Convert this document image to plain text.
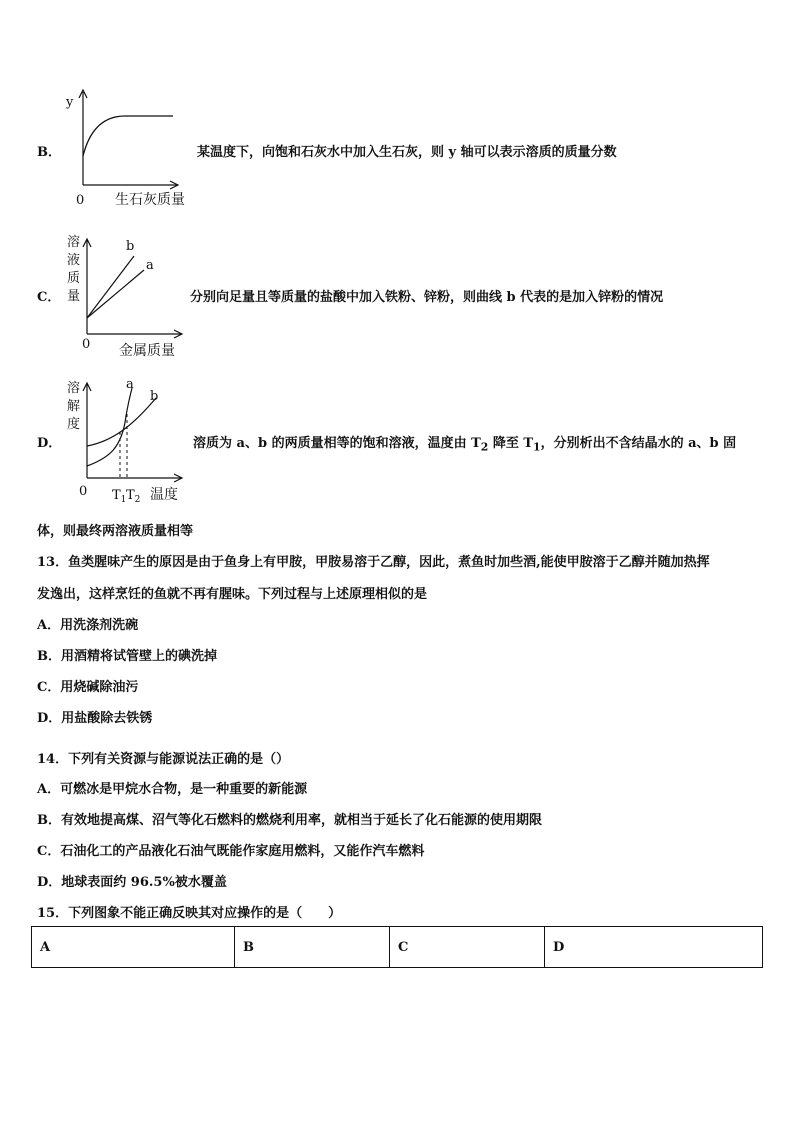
B．
y
0 生石灰质量
某温度下，向饱和石灰水中加入生石灰，则 y 轴可以表示溶质的质量分数
C．
溶
液
质
量
b
a
0 金属质量
分别向足量且等质量的盐酸中加入铁粉、锌粉，则曲线 b 代表的是加入锌粉的情况
D．
溶
解
度
a
b
0 $T_1$ $T_2$ 温度
溶质为 a、b 的两质量相等的饱和溶液，温度由 $T_2$ 降至 $T_1$，分别析出不含结晶水的 a、b 固
体，则最终两溶液质量相等
13．鱼类腥味产生的原因是由于鱼身上有甲胺，甲胺易溶于乙醇，因此，煮鱼时加些酒,能使甲胺溶于乙醇并随加热挥
发逸出，这样烹饪的鱼就不再有腥味。下列过程与上述原理相似的是
A．用洗涤剂洗碗
B．用酒精将试管壁上的碘洗掉
C．用烧碱除油污
D．用盐酸除去铁锈
14．下列有关资源与能源说法正确的是（）
A．可燃冰是甲烷水合物，是一种重要的新能源
B．有效地提高煤、沼气等化石燃料的燃烧利用率，就相当于延长了化石能源的使用期限
C．石油化工的产品液化石油气既能作家庭用燃料，又能作汽车燃料
D．地球表面约 96.5%被水覆盖
15．下列图象不能正确反映其对应操作的是（　　）
A	B	C	D
